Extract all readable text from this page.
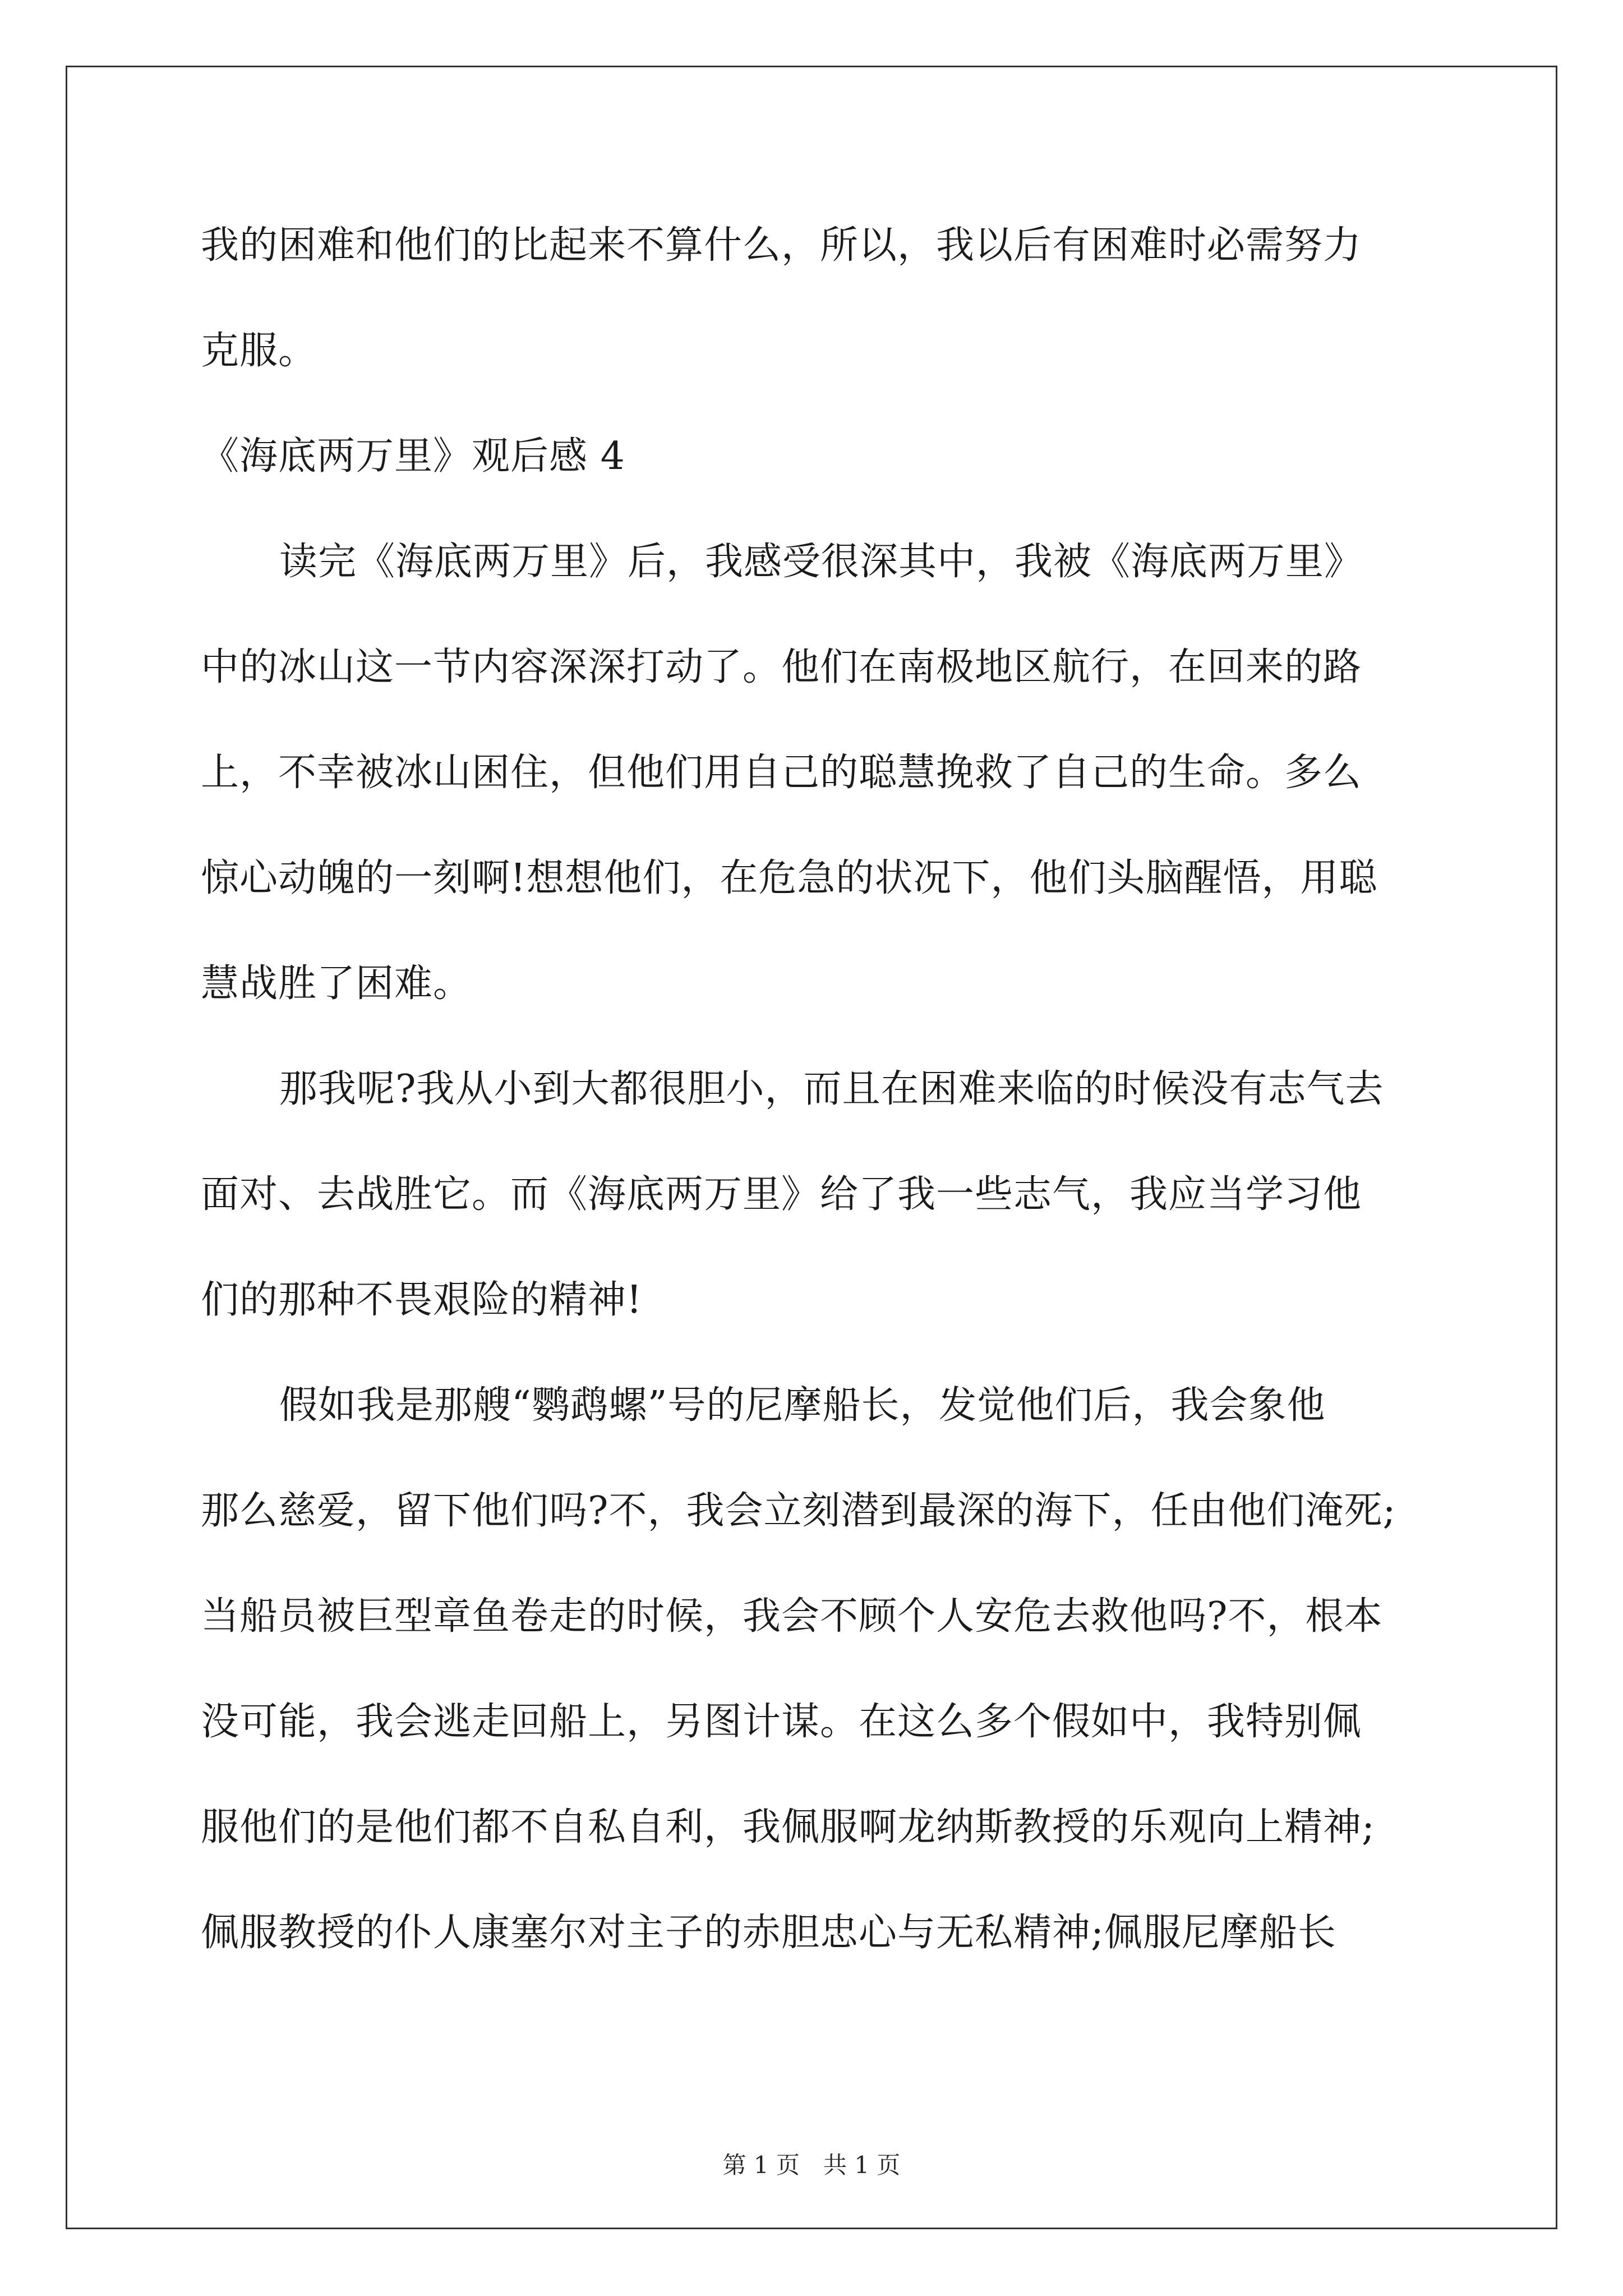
我的困难和他们的比起来不算什么，所以，我以后有困难时必需努力
克服。
《海底两万里》观后感 4
读完《海底两万里》后，我感受很深其中，我被《海底两万里》
中的冰山这一节内容深深打动了。他们在南极地区航行，在回来的路
上，不幸被冰山困住，但他们用自己的聪慧挽救了自己的生命。多么
惊心动魄的一刻啊!想想他们，在危急的状况下，他们头脑醒悟，用聪
慧战胜了困难。
那我呢?我从小到大都很胆小，而且在困难来临的时候没有志气去
面对、去战胜它。而《海底两万里》给了我一些志气，我应当学习他
们的那种不畏艰险的精神!
假如我是那艘“鹦鹉螺”号的尼摩船长，发觉他们后，我会象他
那么慈爱，留下他们吗?不，我会立刻潜到最深的海下，任由他们淹死;
当船员被巨型章鱼卷走的时候，我会不顾个人安危去救他吗?不，根本
没可能，我会逃走回船上，另图计谋。在这么多个假如中，我特别佩
服他们的是他们都不自私自利，我佩服啊龙纳斯教授的乐观向上精神;
佩服教授的仆人康塞尔对主子的赤胆忠心与无私精神;佩服尼摩船长
第 1 页　共 1 页
